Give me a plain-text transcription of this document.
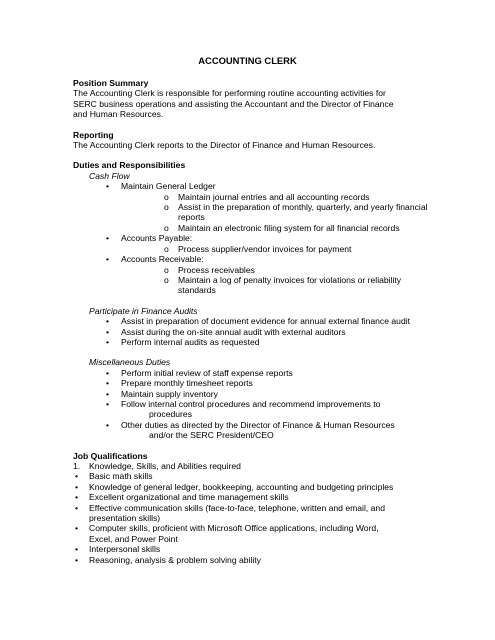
ACCOUNTING CLERK

Position Summary

The Accounting Clerk is responsible for performing routine accounting activities for

SERC business operations and assisting the Accountant and the Director of Finance

and Human Resources.

Reporting

The Accounting Clerk reports to the Director of Finance and Human Resources.

Duties and Responsibilities

Cash Flow

• Maintain General Ledger
o Maintain journal entries and all accounting records
o Assist in the preparation of monthly, quarterly, and yearly financial reports
o Maintain an electronic filing system for all financial records
• Accounts Payable:
o Process supplier/vendor invoices for payment
• Accounts Receivable:
o Process receivables
o Maintain a log of penalty invoices for violations or reliability standards

Participate in Finance Audits

• Assist in preparation of document evidence for annual external finance audit
• Assist during the on-site annual audit with external auditors
• Perform internal audits as requested

Miscellaneous Duties

• Perform initial review of staff expense reports
• Prepare monthly timesheet reports
• Maintain supply inventory
• Follow internal control procedures and recommend improvements to
procedures
• Other duties as directed by the Director of Finance & Human Resources
and/or the SERC President/CEO

Job Qualifications

1. Knowledge, Skills, and Abilities required

• Basic math skills
• Knowledge of general ledger, bookkeeping, accounting and budgeting principles
• Excellent organizational and time management skills
• Effective communication skills (face-to-face, telephone, written and email, and
presentation skills)
• Computer skills, proficient with Microsoft Office applications, including Word,
Excel, and Power Point
• Interpersonal skills
• Reasoning, analysis & problem solving ability
